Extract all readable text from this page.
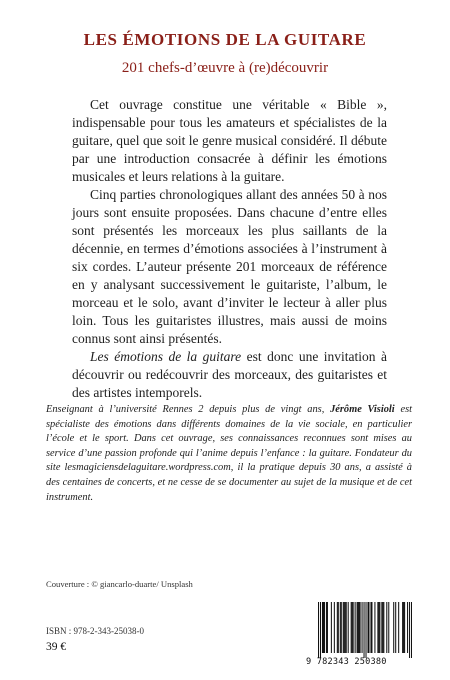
LES ÉMOTIONS DE LA GUITARE
201 chefs-d’œuvre à (re)découvrir

Cet ouvrage constitue une véritable « Bible », indispensable pour tous les amateurs et spécialistes de la guitare, quel que soit le genre musical considéré. Il débute par une introduction consacrée à définir les émotions musicales et leurs relations à la guitare.

Cinq parties chronologiques allant des années 50 à nos jours sont ensuite proposées. Dans chacune d’entre elles sont présentés les morceaux les plus saillants de la décennie, en termes d’émotions associées à l’instrument à six cordes. L’auteur présente 201 morceaux de référence en y analysant successivement le guitariste, l’album, le morceau et le solo, avant d’inviter le lecteur à aller plus loin. Tous les guitaristes illustres, mais aussi de moins connus sont ainsi présentés.

Les émotions de la guitare est donc une invitation à découvrir ou redécouvrir des morceaux, des guitaristes et des artistes intemporels.

Enseignant à l’université Rennes 2 depuis plus de vingt ans, Jérôme Visioli est spécialiste des émotions dans différents domaines de la vie sociale, en particulier l’école et le sport. Dans cet ouvrage, ses connaissances reconnues sont mises au service d’une passion profonde qui l’anime depuis l’enfance : la guitare. Fondateur du site lesmagiciensdelaguitare.wordpress.com, il la pratique depuis 30 ans, a assisté à des centaines de concerts, et ne cesse de se documenter au sujet de la musique et de cet instrument.
Couverture : © giancarlo-duarte/ Unsplash
ISBN : 978-2-343-25038-0
39 €
9 782343 250380
